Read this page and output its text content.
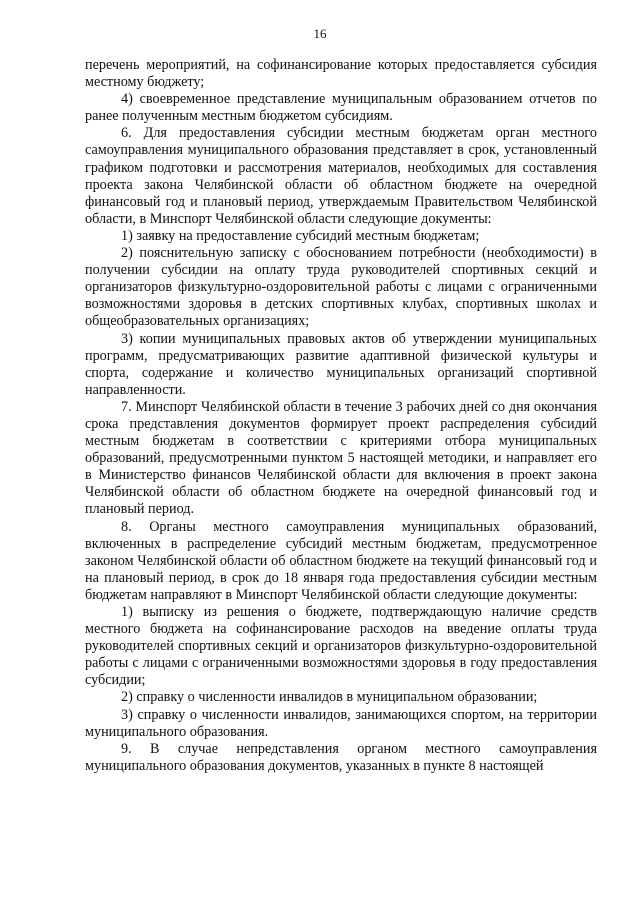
16

перечень мероприятий, на софинансирование которых предоставляется субсидия местному бюджету;

4) своевременное представление муниципальным образованием отчетов по ранее полученным местным бюджетом субсидиям.

6. Для предоставления субсидии местным бюджетам орган местного самоуправления муниципального образования представляет в срок, установленный графиком подготовки и рассмотрения материалов, необходимых для составления проекта закона Челябинской области об областном бюджете на очередной финансовый год и плановый период, утверждаемым Правительством Челябинской области, в Минспорт Челябинской области следующие документы:

1) заявку на предоставление субсидий местным бюджетам;

2) пояснительную записку с обоснованием потребности (необходимости) в получении субсидии на оплату труда руководителей спортивных секций и организаторов физкультурно-оздоровительной работы с лицами с ограниченными возможностями здоровья в детских спортивных клубах, спортивных школах и общеобразовательных организациях;

3) копии муниципальных правовых актов об утверждении муниципальных программ, предусматривающих развитие адаптивной физической культуры и спорта, содержание и количество муниципальных организаций спортивной направленности.

7. Минспорт Челябинской области в течение 3 рабочих дней со дня окончания срока представления документов формирует проект распределения субсидий местным бюджетам в соответствии с критериями отбора муниципальных образований, предусмотренными пунктом 5 настоящей методики, и направляет его в Министерство финансов Челябинской области для включения в проект закона Челябинской области об областном бюджете на очередной финансовый год и плановый период.

8. Органы местного самоуправления муниципальных образований, включенных в распределение субсидий местным бюджетам, предусмотренное законом Челябинской области об областном бюджете на текущий финансовый год и на плановый период, в срок до 18 января года предоставления субсидии местным бюджетам направляют в Минспорт Челябинской области следующие документы:

1) выписку из решения о бюджете, подтверждающую наличие средств местного бюджета на софинансирование расходов на введение оплаты труда руководителей спортивных секций и организаторов физкультурно-оздоровительной работы с лицами с ограниченными возможностями здоровья в году предоставления субсидии;

2) справку о численности инвалидов в муниципальном образовании;

3) справку о численности инвалидов, занимающихся спортом, на территории муниципального образования.

9. В случае непредставления органом местного самоуправления муниципального образования документов, указанных в пункте 8 настоящей
